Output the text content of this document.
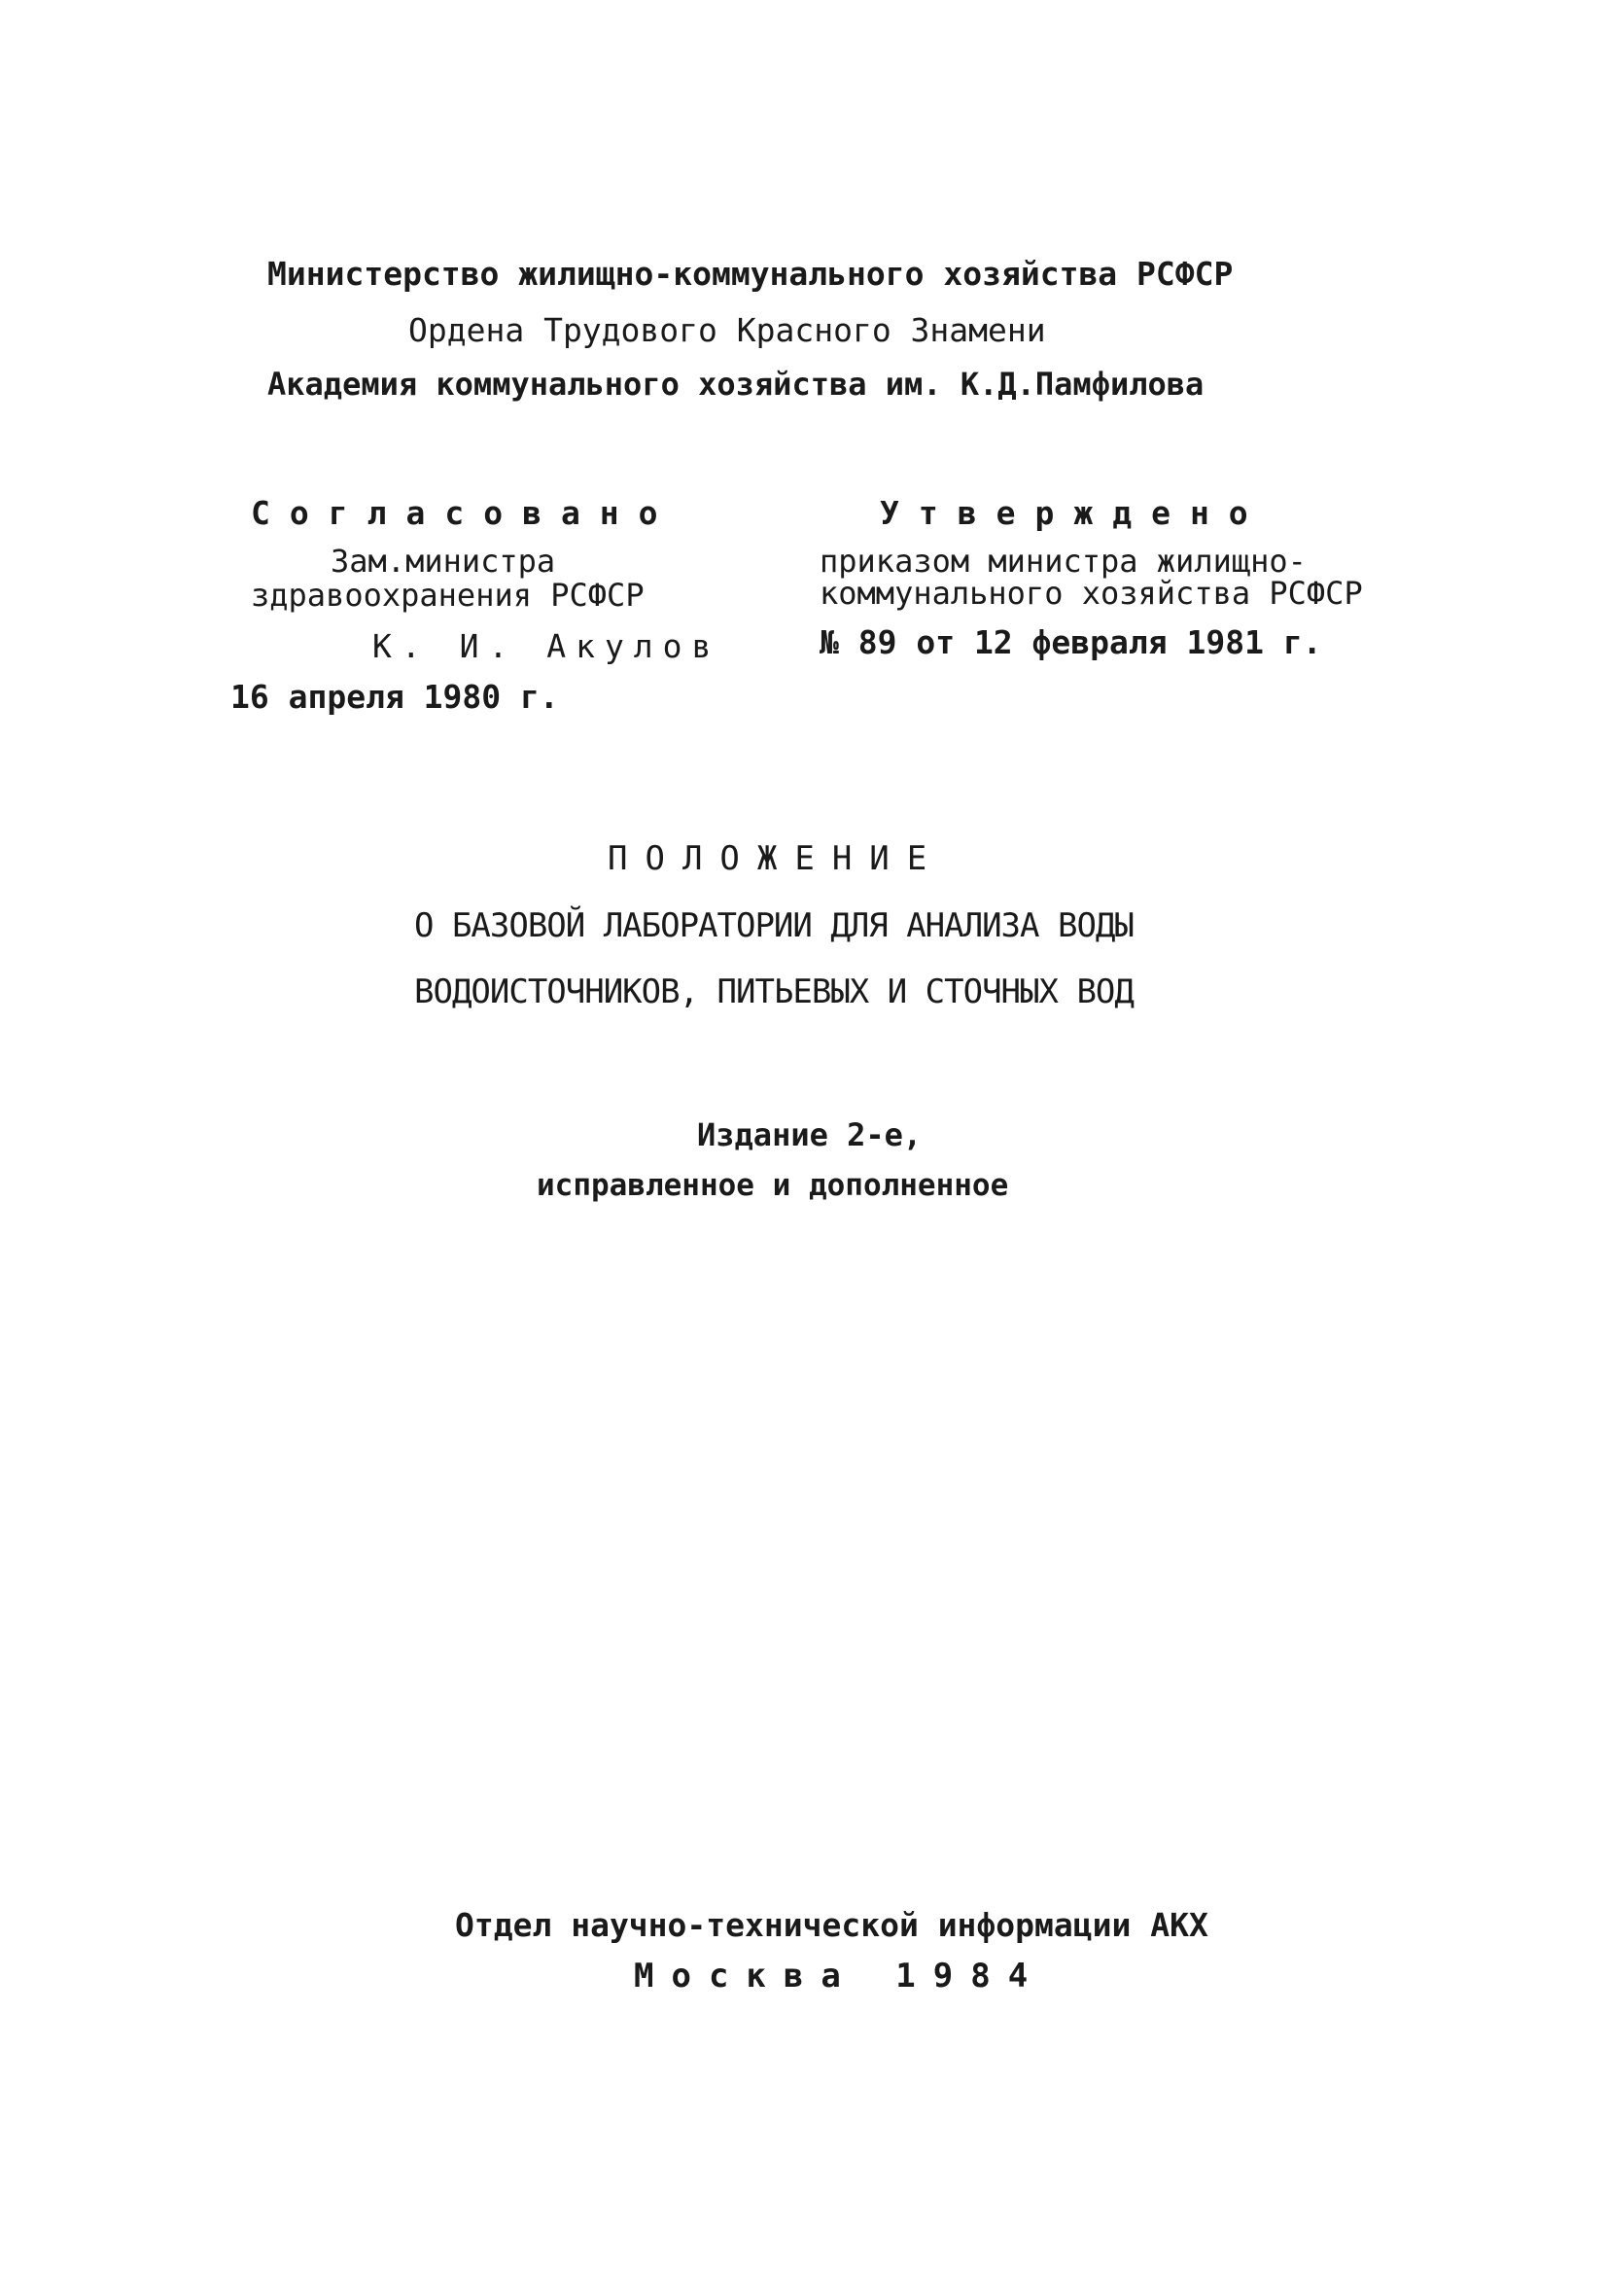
Министерство жилищно-коммунального хозяйства РСФСР
Ордена Трудового Красного Знамени
Академия коммунального хозяйства им. К.Д.Памфилова
Согласовано
Зам.министра
здравоохранения РСФСР
К. И. Акулов
16 апреля 1980 г.
Утверждено
приказом министра жилищно-
коммунального хозяйства РСФСР
№ 89 от 12 февраля 1981 г.
ПОЛОЖЕНИЕ
О БАЗОВОЙ ЛАБОРАТОРИИ ДЛЯ АНАЛИЗА ВОДЫ
ВОДОИСТОЧНИКОВ, ПИТЬЕВЫХ И СТОЧНЫХ ВОД
Издание 2-е,
исправленное и дополненное
Отдел научно-технической информации АКХ
Москва 1984
